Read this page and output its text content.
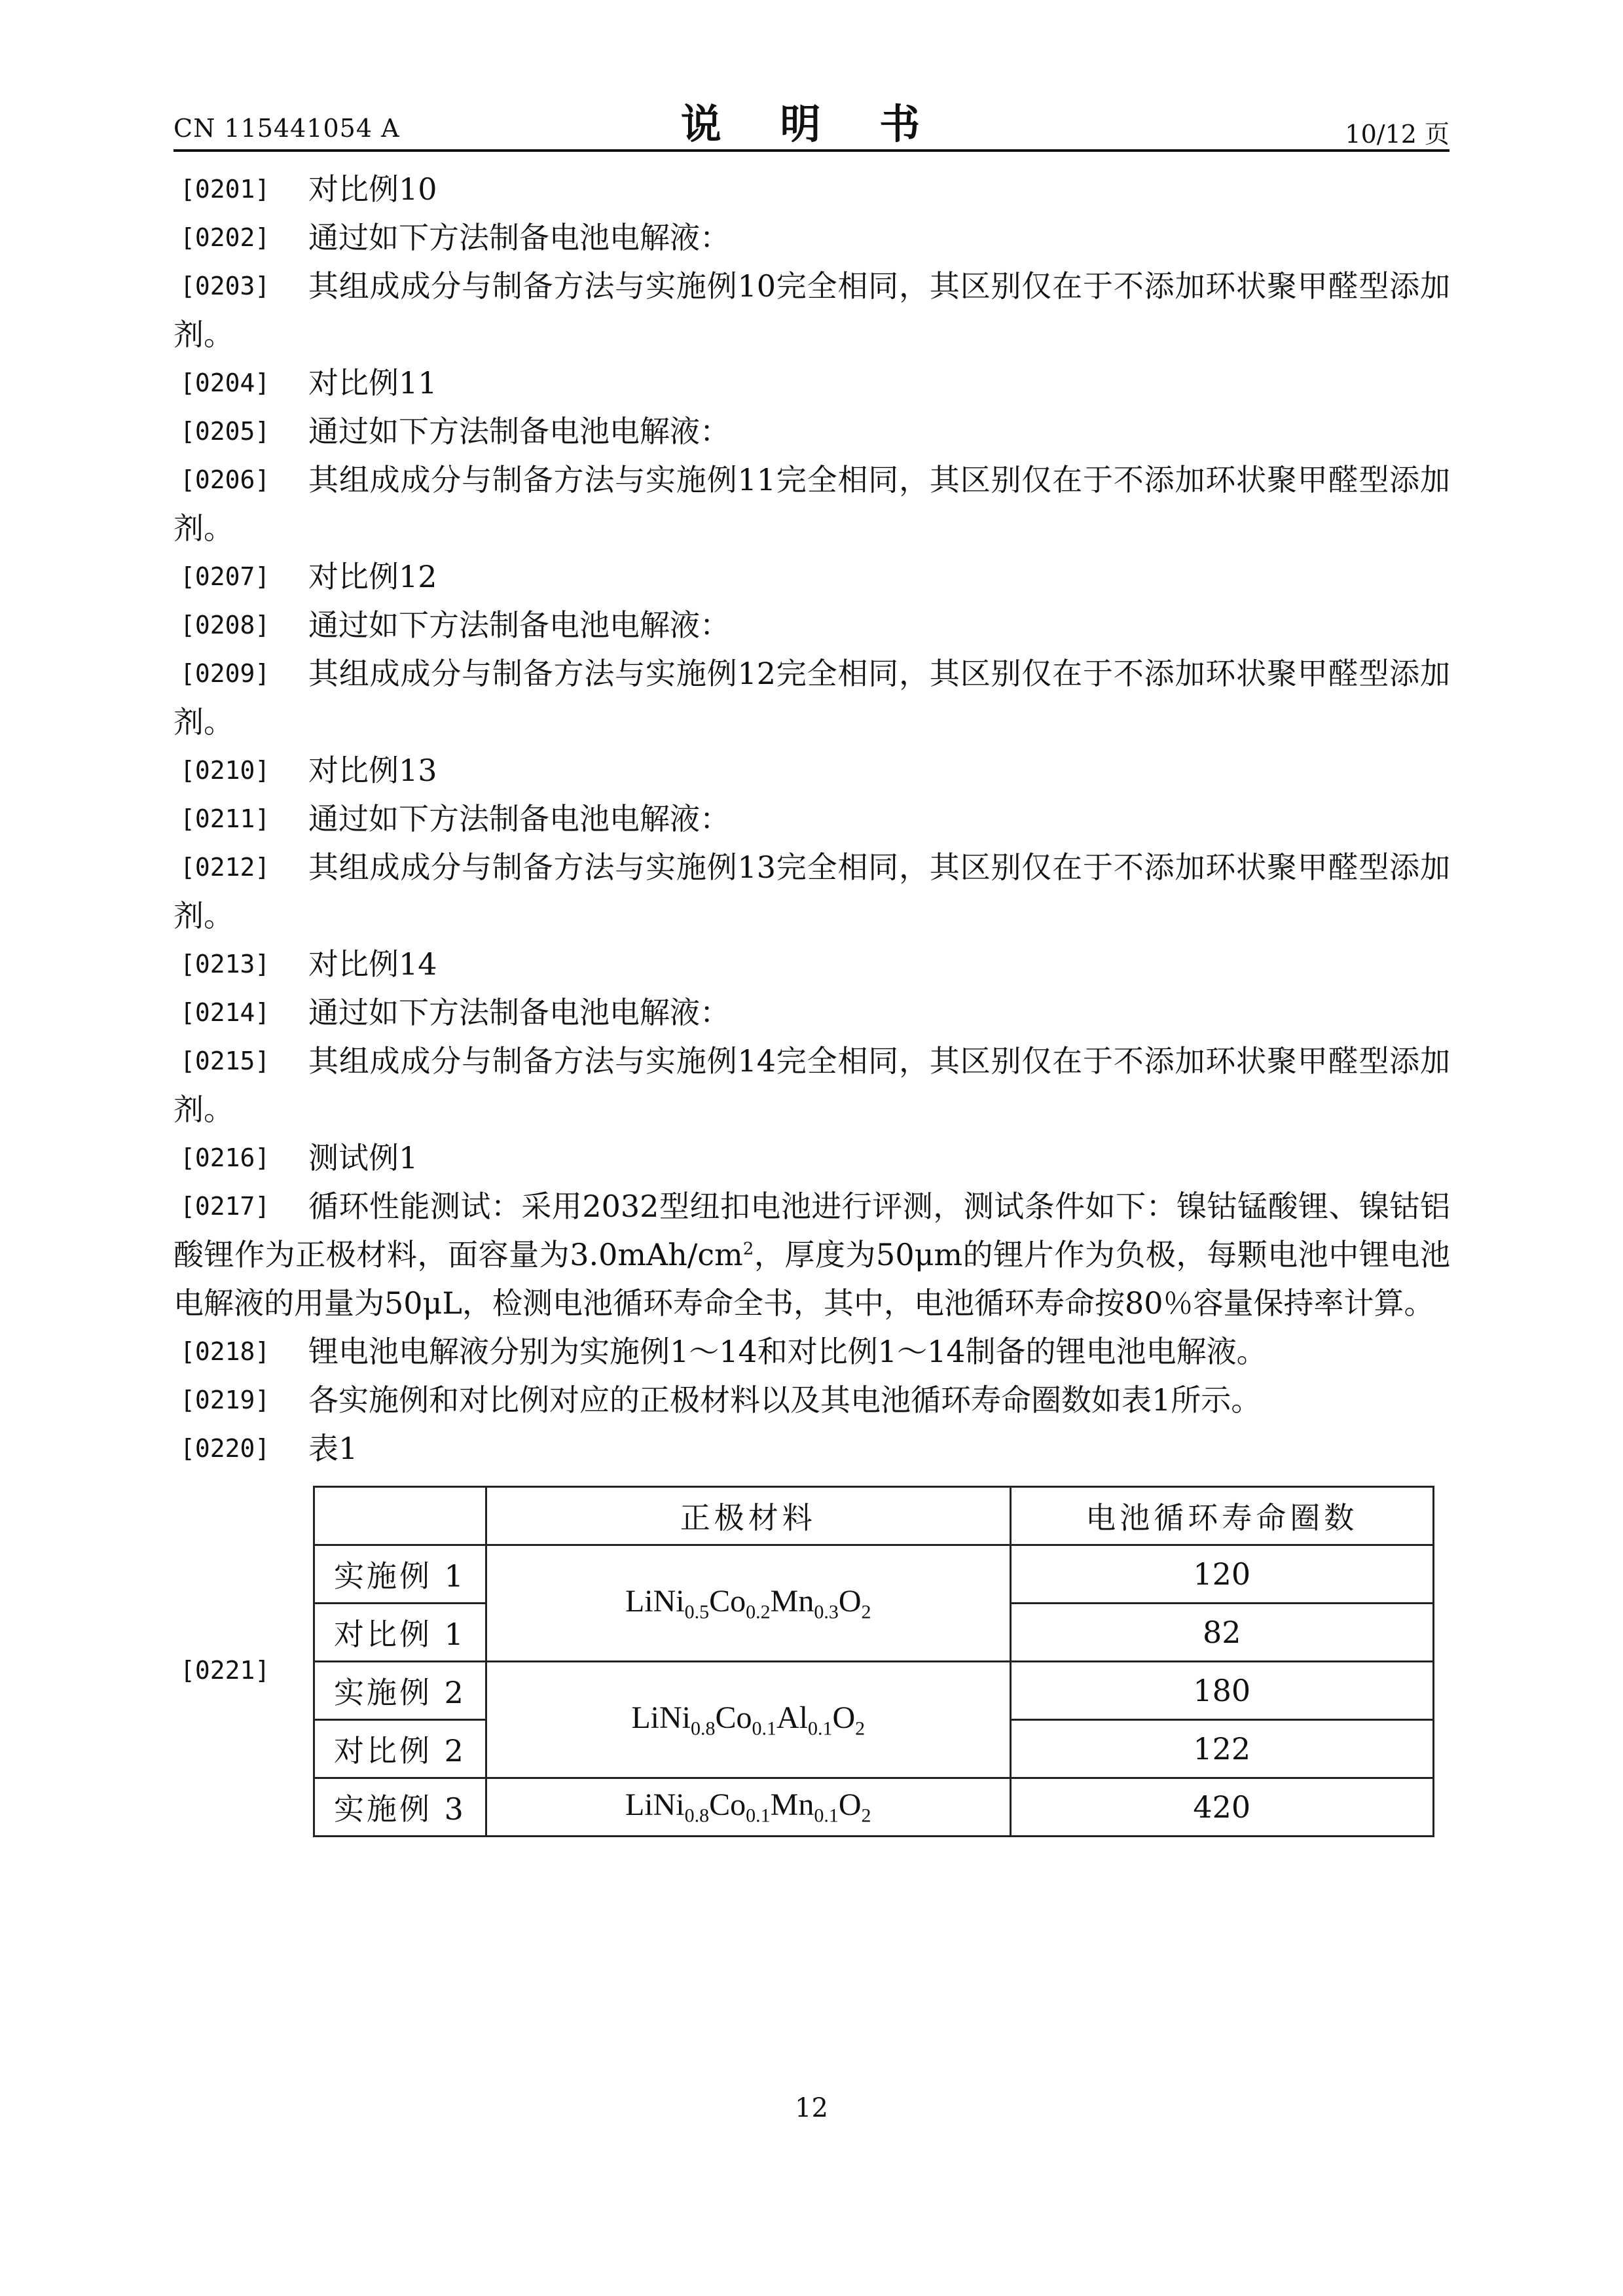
CN 115441054 A	说 明 书	10/12 页

[0201]	对比例10

[0202]	通过如下方法制备电池电解液：

[0203]	其组成成分与制备方法与实施例10完全相同，其区别仅在于不添加环状聚甲醛型添加剂。

[0204]	对比例11

[0205]	通过如下方法制备电池电解液：

[0206]	其组成成分与制备方法与实施例11完全相同，其区别仅在于不添加环状聚甲醛型添加剂。

[0207]	对比例12

[0208]	通过如下方法制备电池电解液：

[0209]	其组成成分与制备方法与实施例12完全相同，其区别仅在于不添加环状聚甲醛型添加剂。

[0210]	对比例13

[0211]	通过如下方法制备电池电解液：

[0212]	其组成成分与制备方法与实施例13完全相同，其区别仅在于不添加环状聚甲醛型添加剂。

[0213]	对比例14

[0214]	通过如下方法制备电池电解液：

[0215]	其组成成分与制备方法与实施例14完全相同，其区别仅在于不添加环状聚甲醛型添加剂。

[0216]	测试例1

[0217]	循环性能测试：采用2032型纽扣电池进行评测，测试条件如下：镍钴锰酸锂、镍钴铝酸锂作为正极材料，面容量为$3.0mAh/cm^2$，厚度为50μm的锂片作为负极，每颗电池中锂电池电解液的用量为50μL，检测电池循环寿命全书，其中，电池循环寿命按80％容量保持率计算。

[0218]	锂电池电解液分别为实施例1～14和对比例1～14制备的锂电池电解液。

[0219]	各实施例和对比例对应的正极材料以及其电池循环寿命圈数如表1所示。

[0220]	表1

[0221]
	正极材料	电池循环寿命圈数
实施例 1	$LiNi_{0.5}Co_{0.2}Mn_{0.3}O_2$	120
对比例 1		82
实施例 2	$LiNi_{0.8}Co_{0.1}Al_{0.1}O_2$	180
对比例 2		122
实施例 3	$LiNi_{0.8}Co_{0.1}Mn_{0.1}O_2$	420
12
